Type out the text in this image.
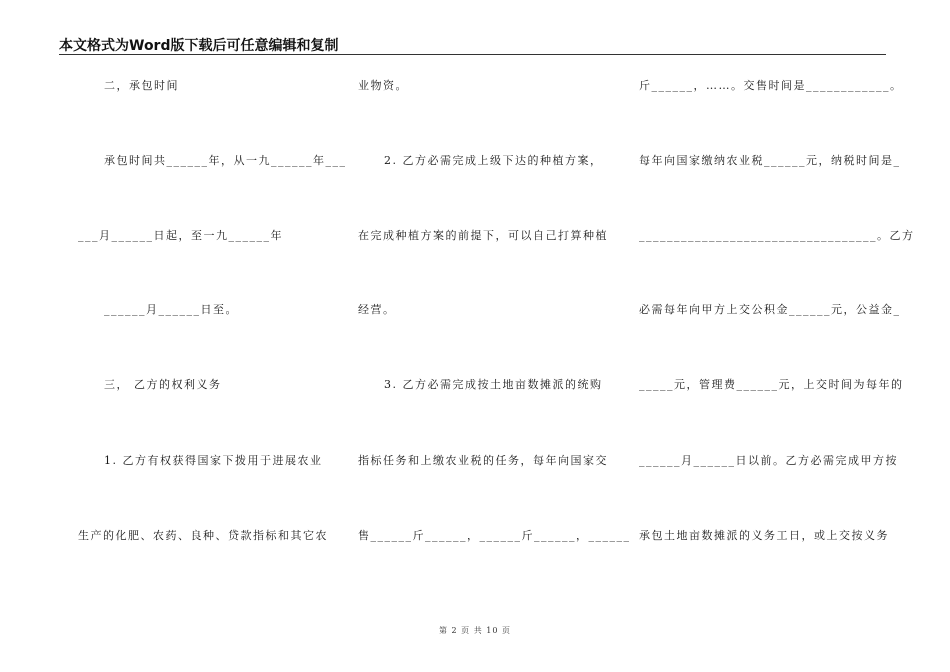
本文格式为Word版下载后可任意编辑和复制
二，承包时间
承包时间共______年，从一九______年___
___月______日起，至一九______年
______月______日至。
三， 乙方的权利义务
1. 乙方有权获得国家下拨用于进展农业
生产的化肥、农药、良种、贷款指标和其它农
业物资。
2. 乙方必需完成上级下达的种植方案，
在完成种植方案的前提下，可以自己打算种植
经营。
3. 乙方必需完成按土地亩数摊派的统购
指标任务和上缴农业税的任务，每年向国家交
售______斤______，______斤______，______
斤______，……。交售时间是____________。
每年向国家缴纳农业税______元，纳税时间是_
__________________________________。乙方
必需每年向甲方上交公积金______元，公益金_
_____元，管理费______元，上交时间为每年的
______月______日以前。乙方必需完成甲方按
承包土地亩数摊派的义务工日，或上交按义务
第 2 页 共 10 页
